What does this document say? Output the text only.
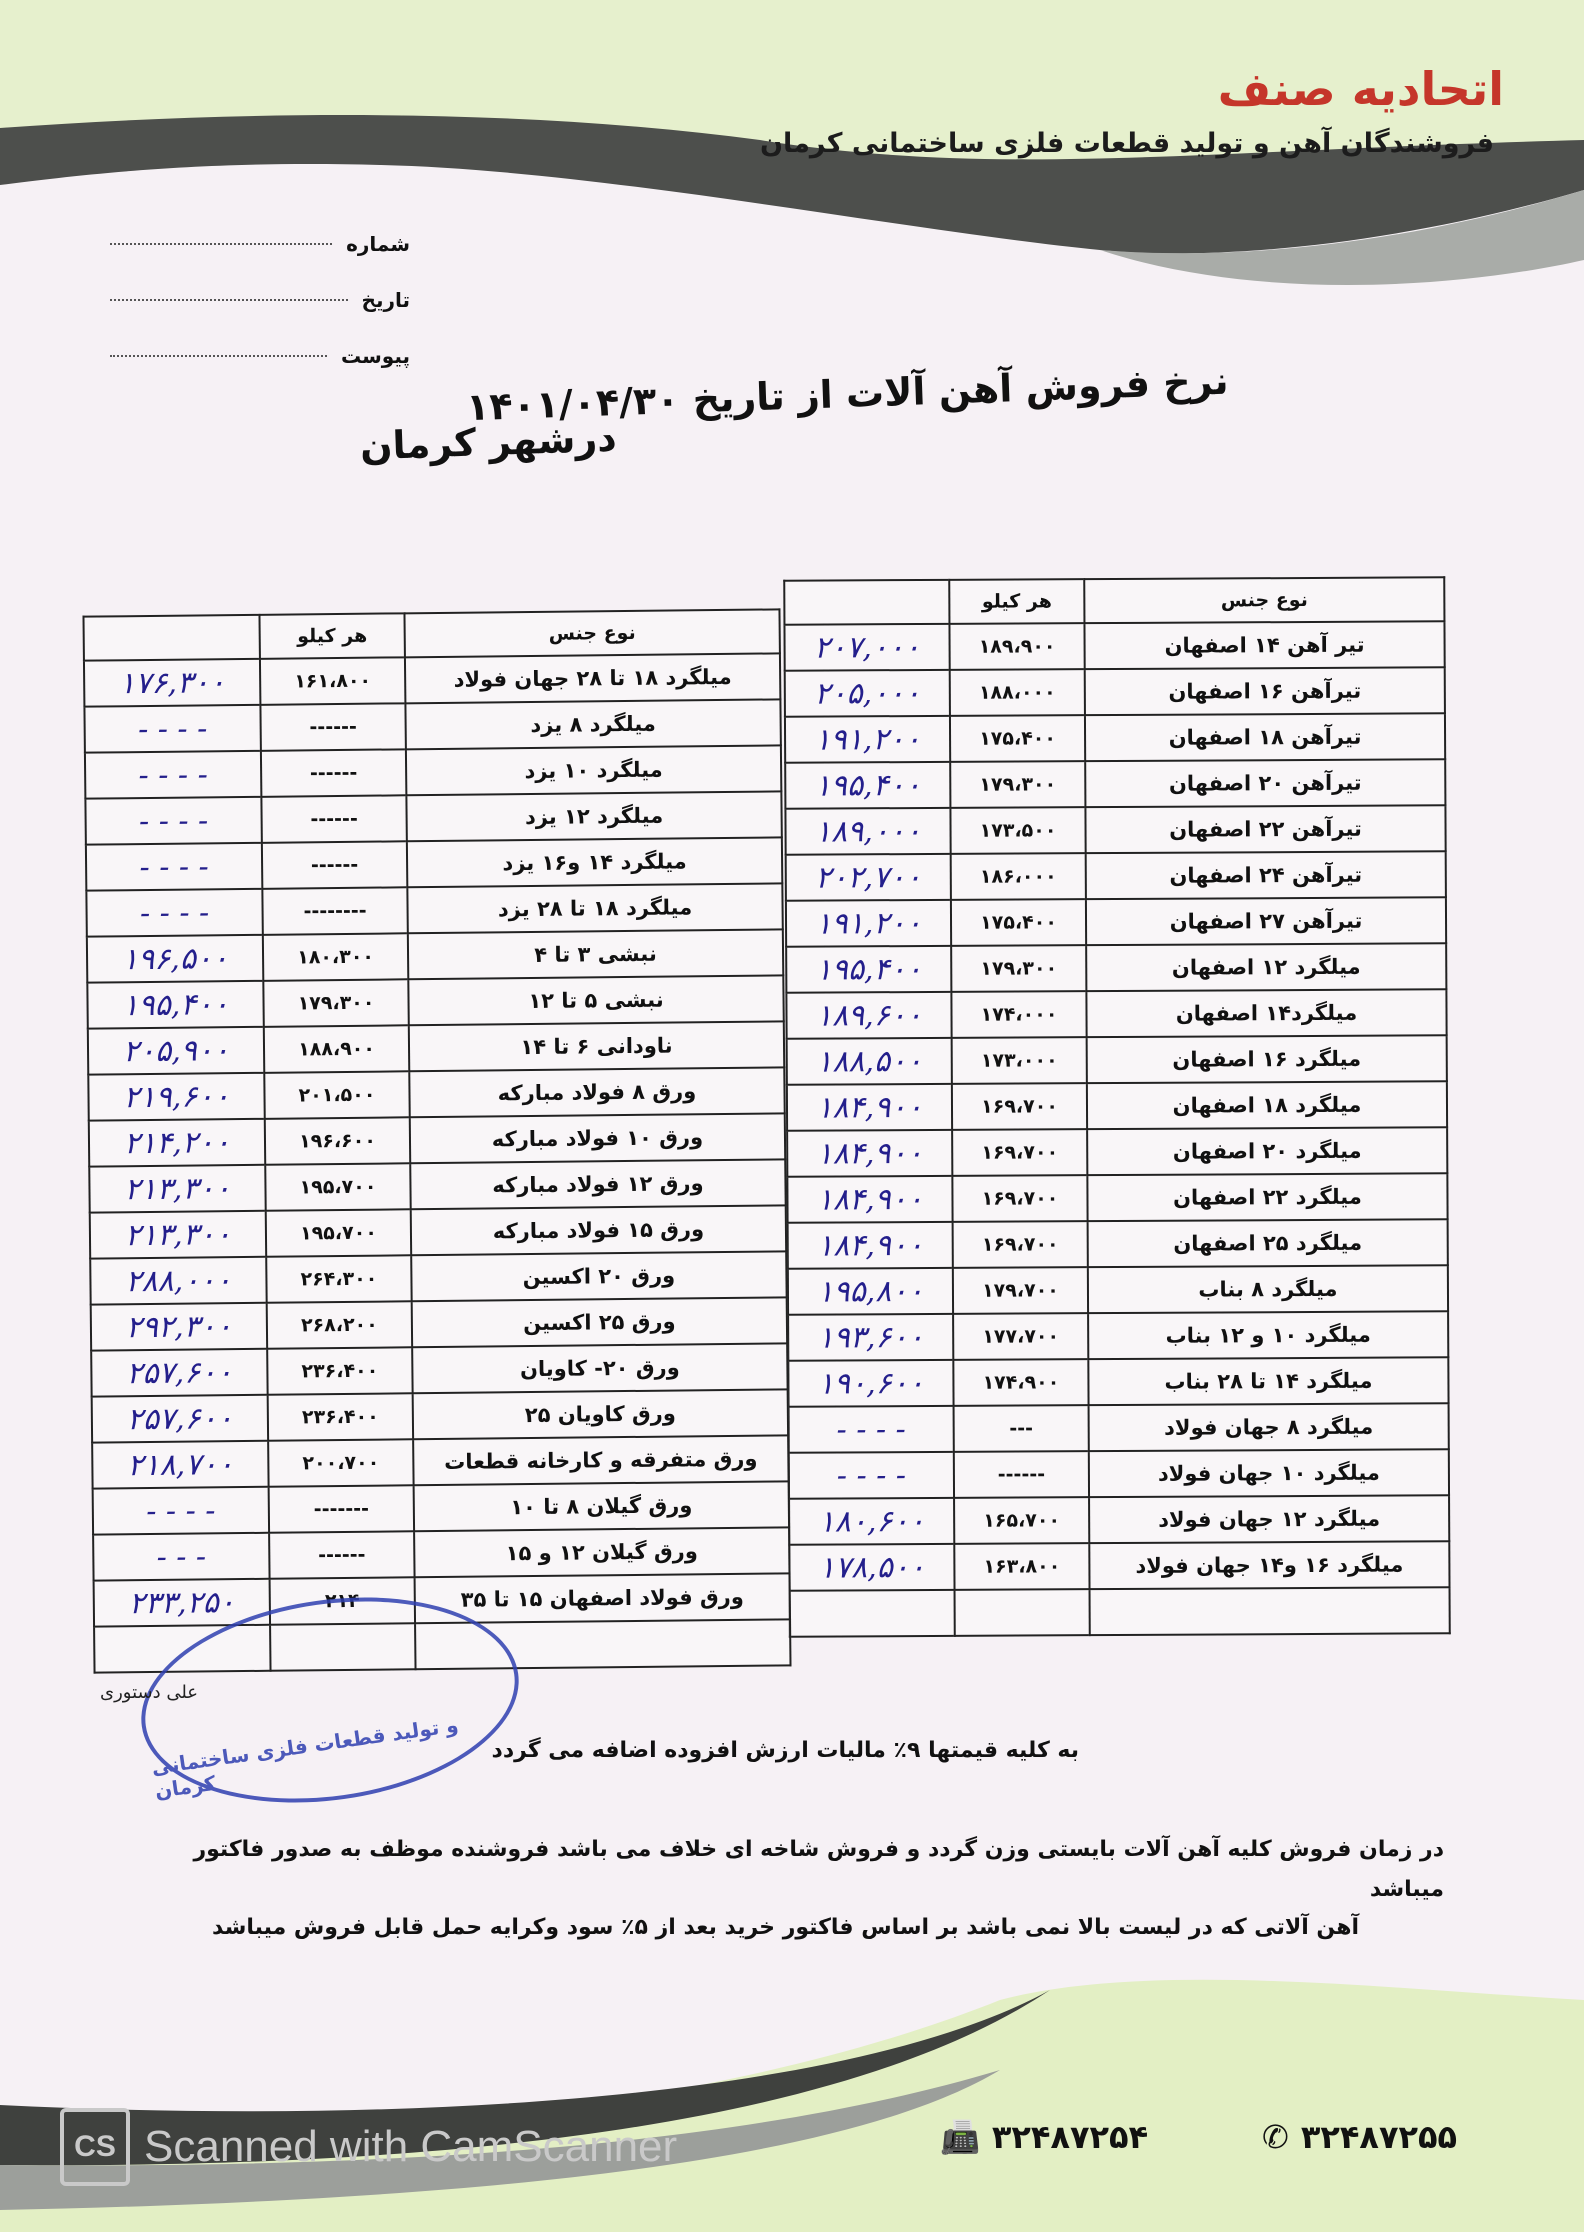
اتحادیه صنف
فروشندگان آهن و تولید قطعات فلزی ساختمانی کرمان
شماره
تاریخ
پیوست
نرخ فروش آهن آلات از تاریخ ۱۴۰۱/۰۴/۳۰
درشهر کرمان
نوع جنس	هر کیلو	
تیر آهن ۱۴ اصفهان	۱۸۹،۹۰۰	۲۰۷,۰۰۰
تیرآهن ۱۶ اصفهان	۱۸۸،۰۰۰	۲۰۵,۰۰۰
تیرآهن ۱۸ اصفهان	۱۷۵،۴۰۰	۱۹۱,۲۰۰
تیرآهن ۲۰ اصفهان	۱۷۹،۳۰۰	۱۹۵,۴۰۰
تیرآهن ۲۲ اصفهان	۱۷۳،۵۰۰	۱۸۹,۰۰۰
تیرآهن ۲۴ اصفهان	۱۸۶،۰۰۰	۲۰۲,۷۰۰
تیرآهن ۲۷ اصفهان	۱۷۵،۴۰۰	۱۹۱,۲۰۰
میلگرد ۱۲ اصفهان	۱۷۹،۳۰۰	۱۹۵,۴۰۰
میلگرد۱۴ اصفهان	۱۷۴،۰۰۰	۱۸۹,۶۰۰
میلگرد ۱۶ اصفهان	۱۷۳،۰۰۰	۱۸۸,۵۰۰
میلگرد ۱۸ اصفهان	۱۶۹،۷۰۰	۱۸۴,۹۰۰
میلگرد ۲۰ اصفهان	۱۶۹،۷۰۰	۱۸۴,۹۰۰
میلگرد ۲۲ اصفهان	۱۶۹،۷۰۰	۱۸۴,۹۰۰
میلگرد ۲۵ اصفهان	۱۶۹،۷۰۰	۱۸۴,۹۰۰
میلگرد ۸ بناب	۱۷۹،۷۰۰	۱۹۵,۸۰۰
میلگرد ۱۰ و ۱۲ بناب	۱۷۷،۷۰۰	۱۹۳,۶۰۰
میلگرد ۱۴ تا ۲۸ بناب	۱۷۴،۹۰۰	۱۹۰,۶۰۰
میلگرد ۸ جهان فولاد	---	- - - -
میلگرد ۱۰ جهان فولاد	------	- - - -
میلگرد ۱۲ جهان فولاد	۱۶۵،۷۰۰	۱۸۰,۶۰۰
میلگرد ۱۶ و۱۴ جهان فولاد	۱۶۳،۸۰۰	۱۷۸,۵۰۰

نوع جنس	هر کیلو	
میلگرد ۱۸ تا ۲۸ جهان فولاد	۱۶۱،۸۰۰	۱۷۶,۳۰۰
میلگرد ۸ یزد	------	- - - -
میلگرد ۱۰ یزد	------	- - - -
میلگرد ۱۲ یزد	------	- - - -
میلگرد ۱۴ و۱۶ یزد	------	- - - -
میلگرد ۱۸ تا ۲۸ یزد	--------	- - - -
نبشی ۳ تا ۴	۱۸۰،۳۰۰	۱۹۶,۵۰۰
نبشی ۵ تا ۱۲	۱۷۹،۳۰۰	۱۹۵,۴۰۰
ناودانی ۶ تا ۱۴	۱۸۸،۹۰۰	۲۰۵,۹۰۰
ورق ۸ فولاد مبارکه	۲۰۱،۵۰۰	۲۱۹,۶۰۰
ورق ۱۰ فولاد مبارکه	۱۹۶،۶۰۰	۲۱۴,۲۰۰
ورق ۱۲ فولاد مبارکه	۱۹۵،۷۰۰	۲۱۳,۳۰۰
ورق ۱۵ فولاد مبارکه	۱۹۵،۷۰۰	۲۱۳,۳۰۰
ورق ۲۰ اکسین	۲۶۴،۳۰۰	۲۸۸,۰۰۰
ورق ۲۵ اکسین	۲۶۸،۲۰۰	۲۹۲,۳۰۰
ورق ۲۰- کاویان	۲۳۶،۴۰۰	۲۵۷,۶۰۰
ورق کاویان ۲۵	۲۳۶،۴۰۰	۲۵۷,۶۰۰
ورق متفرقه و کارخانه قطعات	۲۰۰،۷۰۰	۲۱۸,۷۰۰
ورق گیلان ۸ تا ۱۰	-------	- - - -
ورق گیلان ۱۲ و ۱۵	------	- - -
ورق فولاد اصفهان ۱۵ تا ۳۵	۲۱۴	۲۳۳,۲۵۰

و تولید قطعات فلزی ساختمانی کرمان
علی دستوری
به کلیه قیمتها ۹٪ مالیات ارزش افزوده اضافه می گردد
در زمان فروش کلیه آهن آلات بایستی وزن گردد و فروش شاخه ای خلاف می باشد فروشنده موظف به صدور فاکتور میباشد
آهن آلاتی که در لیست بالا نمی باشد بر اساس فاکتور خرید بعد از ۵٪ سود وکرایه حمل قابل فروش میباشد
CS Scanned with CamScanner	📠 ۳۲۴۸۷۲۵۴	✆ ۳۲۴۸۷۲۵۵
